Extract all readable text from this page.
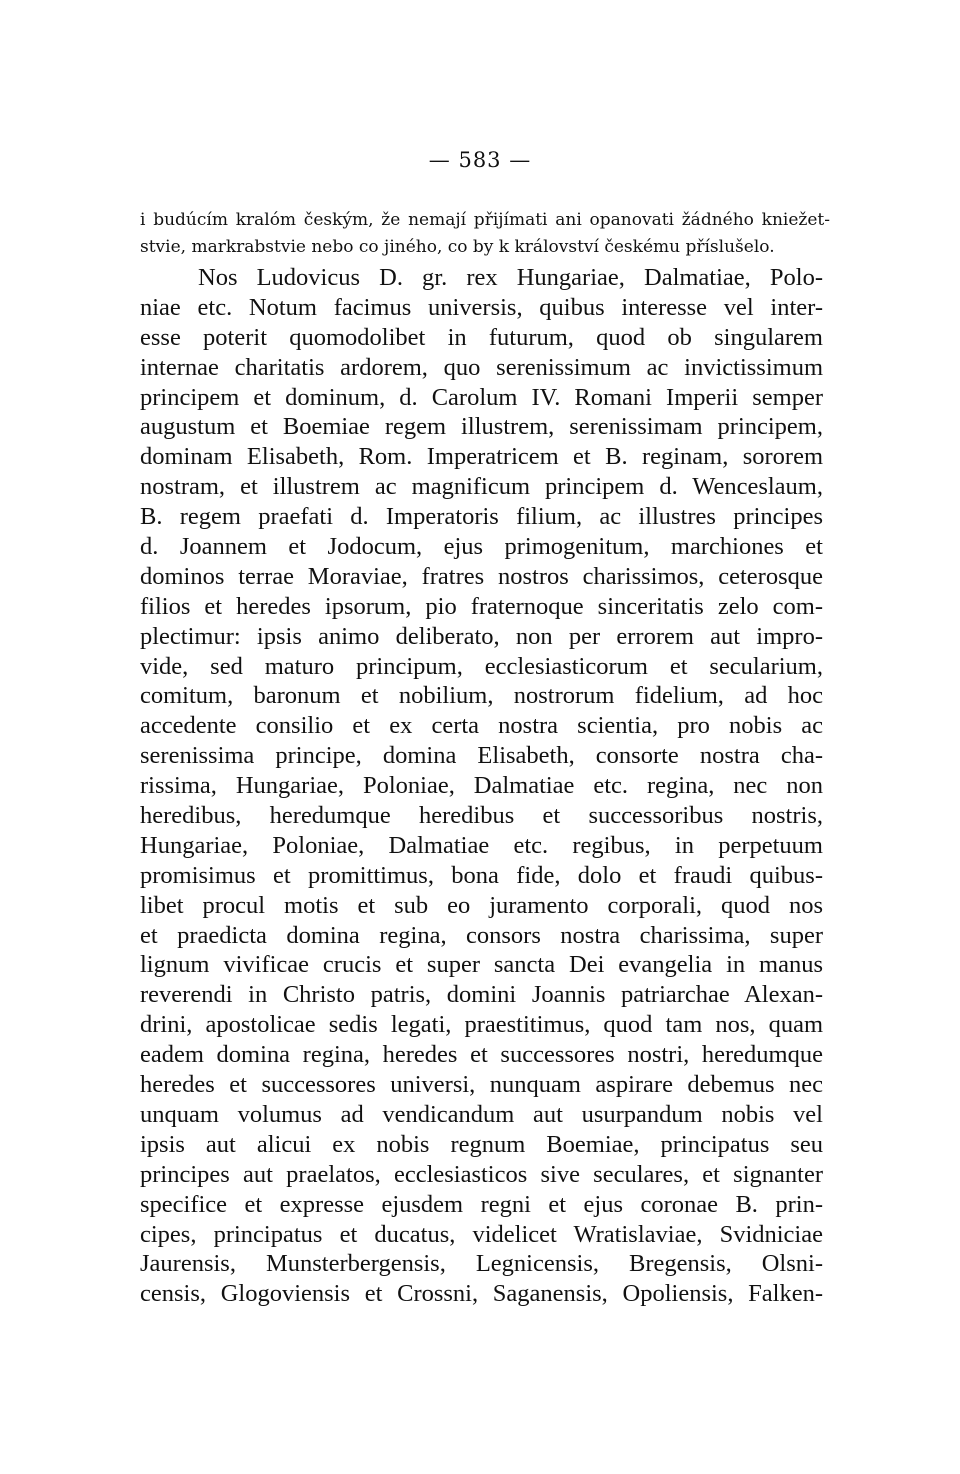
— 583 —
i budúcím kralóm českým, že nemají přijímati ani opanovati žádného kniežet-
stvie, markrabstvie nebo co jiného, co by k království českému příslušelo.
Nos Ludovicus D. gr. rex Hungariae, Dalmatiae, Polo-
niae etc. Notum facimus universis, quibus interesse vel inter-
esse poterit quomodolibet in futurum, quod ob singularem
internae charitatis ardorem, quo serenissimum ac invictissimum
principem et dominum, d. Carolum IV. Romani Imperii semper
augustum et Boemiae regem illustrem, serenissimam principem,
dominam Elisabeth, Rom. Imperatricem et B. reginam, sororem
nostram, et illustrem ac magnificum principem d. Wenceslaum,
B. regem praefati d. Imperatoris filium, ac illustres principes
d. Joannem et Jodocum, ejus primogenitum, marchiones et
dominos terrae Moraviae, fratres nostros charissimos, ceterosque
filios et heredes ipsorum, pio fraternoque sinceritatis zelo com-
plectimur: ipsis animo deliberato, non per errorem aut impro-
vide, sed maturo principum, ecclesiasticorum et secularium,
comitum, baronum et nobilium, nostrorum fidelium, ad hoc
accedente consilio et ex certa nostra scientia, pro nobis ac
serenissima principe, domina Elisabeth, consorte nostra cha-
rissima, Hungariae, Poloniae, Dalmatiae etc. regina, nec non
heredibus, heredumque heredibus et successoribus nostris,
Hungariae, Poloniae, Dalmatiae etc. regibus, in perpetuum
promisimus et promittimus, bona fide, dolo et fraudi quibus-
libet procul motis et sub eo juramento corporali, quod nos
et praedicta domina regina, consors nostra charissima, super
lignum vivificae crucis et super sancta Dei evangelia in manus
reverendi in Christo patris, domini Joannis patriarchae Alexan-
drini, apostolicae sedis legati, praestitimus, quod tam nos, quam
eadem domina regina, heredes et successores nostri, heredumque
heredes et successores universi, nunquam aspirare debemus nec
unquam volumus ad vendicandum aut usurpandum nobis vel
ipsis aut alicui ex nobis regnum Boemiae, principatus seu
principes aut praelatos, ecclesiasticos sive seculares, et signanter
specifice et expresse ejusdem regni et ejus coronae B. prin-
cipes, principatus et ducatus, videlicet Wratislaviae, Svidniciae
Jaurensis, Munsterbergensis, Legnicensis, Bregensis, Olsni-
censis, Glogoviensis et Crossni, Saganensis, Opoliensis, Falken-
